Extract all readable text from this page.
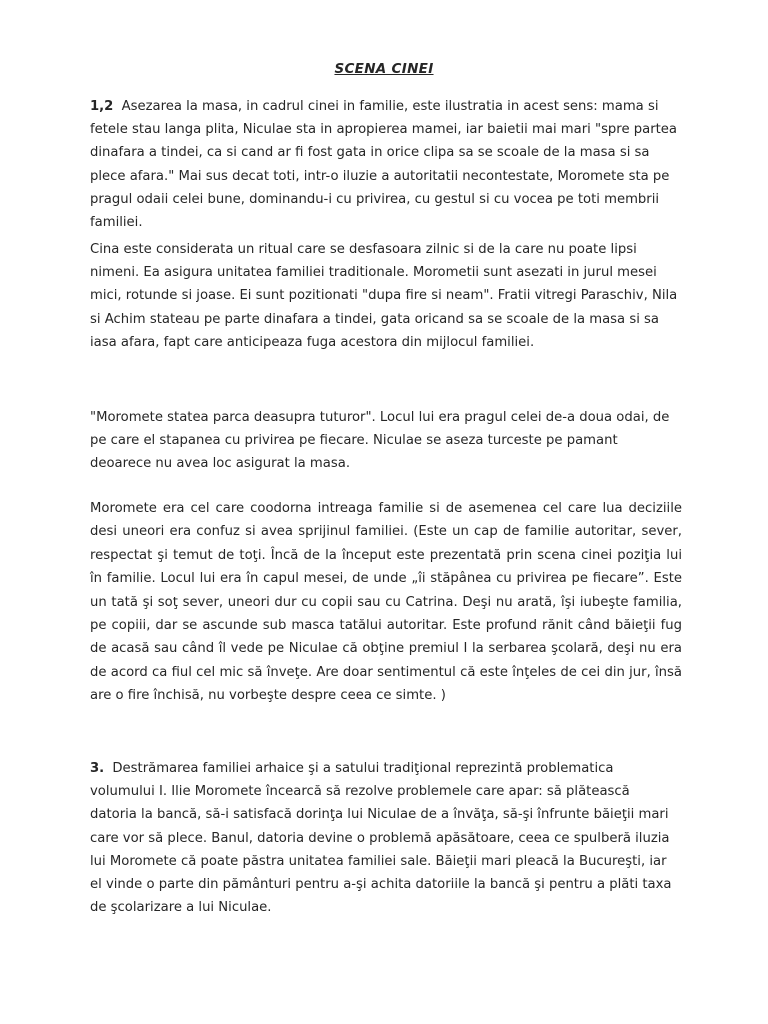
SCENA CINEI

1,2 Asezarea la masa, in cadrul cinei in familie, este ilustratia in acest sens: mama si fetele stau langa plita, Niculae sta in apropierea mamei, iar baietii mai mari "spre partea dinafara a tindei, ca si cand ar fi fost gata in orice clipa sa se scoale de la masa si sa plece afara." Mai sus decat toti, intr-o iluzie a autoritatii necontestate, Moromete sta pe pragul odaii celei bune, dominandu-i cu privirea, cu gestul si cu vocea pe toti membrii familiei.

Cina este considerata un ritual care se desfasoara zilnic si de la care nu poate lipsi nimeni. Ea asigura unitatea familiei traditionale. Morometii sunt asezati in jurul mesei mici, rotunde si joase. Ei sunt pozitionati "dupa fire si neam". Fratii vitregi Paraschiv, Nila si Achim stateau pe parte dinafara a tindei, gata oricand sa se scoale de la masa si sa iasa afara, fapt care anticipeaza fuga acestora din mijlocul familiei.

"Moromete statea parca deasupra tuturor". Locul lui era pragul celei de-a doua odai, de pe care el stapanea cu privirea pe fiecare. Niculae se aseza turceste pe pamant deoarece nu avea loc asigurat la masa.

Moromete era cel care coodorna intreaga familie si de asemenea cel care lua deciziile desi uneori era confuz si avea sprijinul familiei. (Este un cap de familie autoritar, sever, respectat şi temut de toţi. Încă de la început este prezentată prin scena cinei poziţia lui în familie. Locul lui era în capul mesei, de unde „îi stăpânea cu privirea pe fiecare”. Este un tată şi soţ sever, uneori dur cu copii sau cu Catrina. Deşi nu arată, îşi iubeşte familia, pe copiii, dar se ascunde sub masca tatălui autoritar. Este profund rănit când băieţii fug de acasă sau când îl vede pe Niculae că obţine premiul I la serbarea şcolară, deşi nu era de acord ca fiul cel mic să înveţe. Are doar sentimentul că este înţeles de cei din jur, însă are o fire închisă, nu vorbeşte despre ceea ce simte. )

3. Destrămarea familiei arhaice şi a satului tradiţional reprezintă problematica volumului I. Ilie Moromete încearcă să rezolve problemele care apar: să plătească datoria la bancă, să-i satisfacă dorinţa lui Niculae de a învăţa, să-şi înfrunte băieţii mari care vor să plece. Banul, datoria devine o problemă apăsătoare, ceea ce spulberă iluzia lui Moromete că poate păstra unitatea familiei sale. Băieţii mari pleacă la Bucureşti, iar el vinde o parte din pământuri pentru a-şi achita datoriile la bancă şi pentru a plăti taxa de şcolarizare a lui Niculae.
